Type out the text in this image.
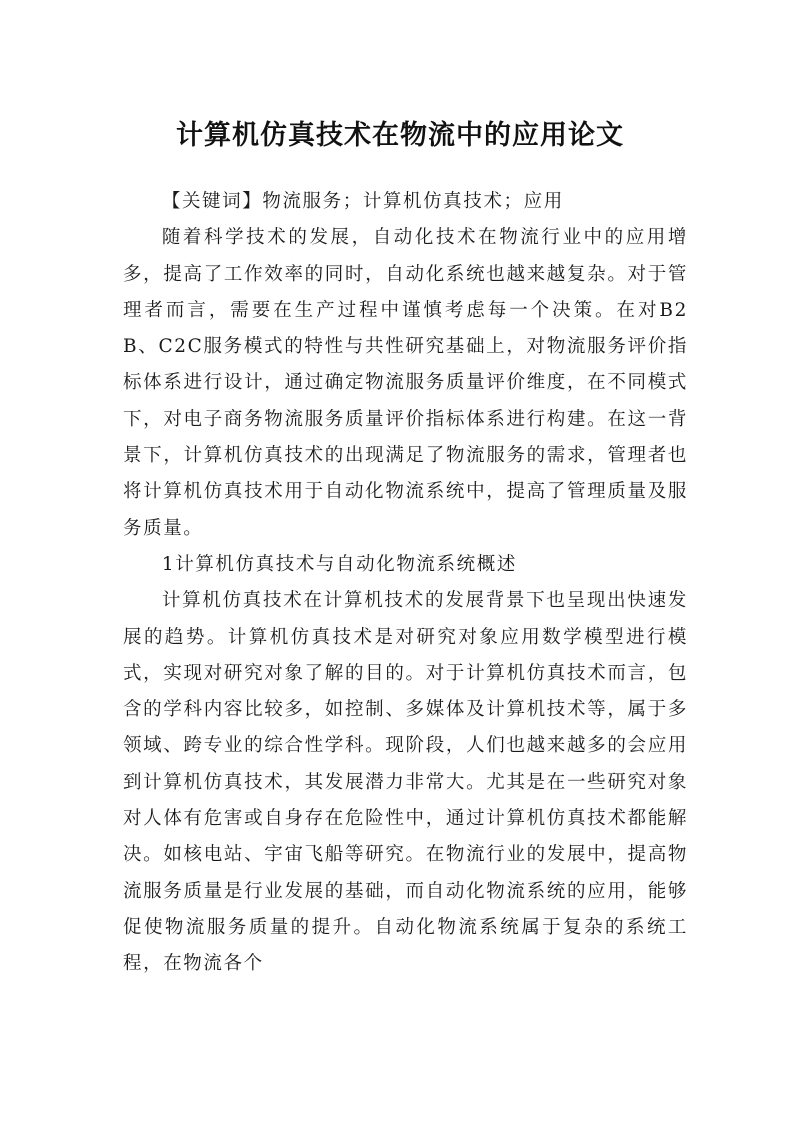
计算机仿真技术在物流中的应用论文

【关键词】物流服务；计算机仿真技术；应用

随着科学技术的发展，自动化技术在物流行业中的应用增多，提高了工作效率的同时，自动化系统也越来越复杂。对于管理者而言，需要在生产过程中谨慎考虑每一个决策。在对B2B、C2C服务模式的特性与共性研究基础上，对物流服务评价指标体系进行设计，通过确定物流服务质量评价维度，在不同模式下，对电子商务物流服务质量评价指标体系进行构建。在这一背景下，计算机仿真技术的出现满足了物流服务的需求，管理者也将计算机仿真技术用于自动化物流系统中，提高了管理质量及服务质量。

1计算机仿真技术与自动化物流系统概述

计算机仿真技术在计算机技术的发展背景下也呈现出快速发展的趋势。计算机仿真技术是对研究对象应用数学模型进行模式，实现对研究对象了解的目的。对于计算机仿真技术而言，包含的学科内容比较多，如控制、多媒体及计算机技术等，属于多领域、跨专业的综合性学科。现阶段，人们也越来越多的会应用到计算机仿真技术，其发展潜力非常大。尤其是在一些研究对象对人体有危害或自身存在危险性中，通过计算机仿真技术都能解决。如核电站、宇宙飞船等研究。在物流行业的发展中，提高物流服务质量是行业发展的基础，而自动化物流系统的应用，能够促使物流服务质量的提升。自动化物流系统属于复杂的系统工程，在物流各个
